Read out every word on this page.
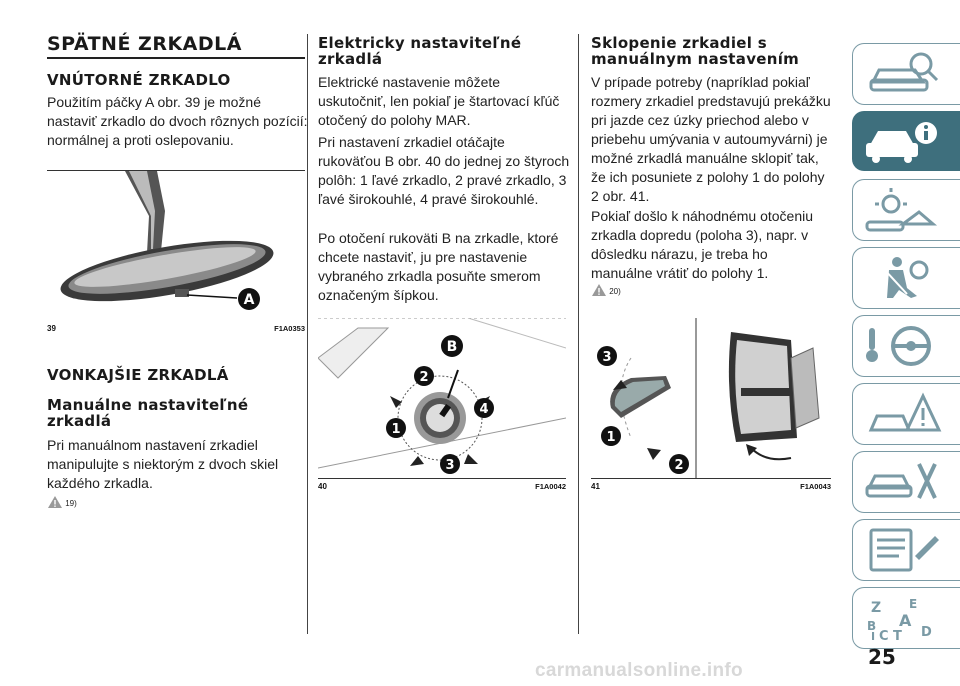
SPÄTNÉ ZRKADLÁ
VNÚTORNÉ ZRKADLO

Použitím páčky A obr. 39 je možné nastaviť zrkadlo do dvoch rôznych pozícií: normálnej a proti oslepovaniu.

A
39	F1A0353
VONKAJŠIE ZRKADLÁ
Manuálne nastaviteľné zrkadlá

Pri manuálnom nastavení zrkadiel manipulujte s niektorým z dvoch skiel každého zrkadla.

19)
Elektricky nastaviteľné zrkadlá

Elektrické nastavenie môžete uskutočniť, len pokiaľ je štartovací kľúč otočený do polohy MAR.

Pri nastavení zrkadiel otáčajte rukoväťou B obr. 40 do jednej zo štyroch polôh: 1 ľavé zrkadlo, 2 pravé zrkadlo, 3 ľavé širokouhlé, 4 pravé širokouhlé.

Po otočení rukoväti B na zrkadle, ktoré chcete nastaviť, ju pre nastavenie vybraného zrkadla posuňte smerom označeným šípkou.

B
2
4
1
3
40	F1A0042
Sklopenie zrkadiel s manuálnym nastavením

V prípade potreby (napríklad pokiaľ rozmery zrkadiel predstavujú prekážku pri jazde cez úzky priechod alebo v priebehu umývania v autoumyvárni) je možné zrkadlá manuálne sklopiť tak, že ich posuniete z polohy 1 do polohy 2 obr. 41.

Pokiaľ došlo k náhodnému otočeniu zrkadla dopredu (poloha 3), napr. v dôsledku nárazu, je treba ho manuálne vrátiť do polohy 1.

20)
3
1
2
41	F1A0043
Z E
A
B
C T D
I
25
carmanualsonline.info
